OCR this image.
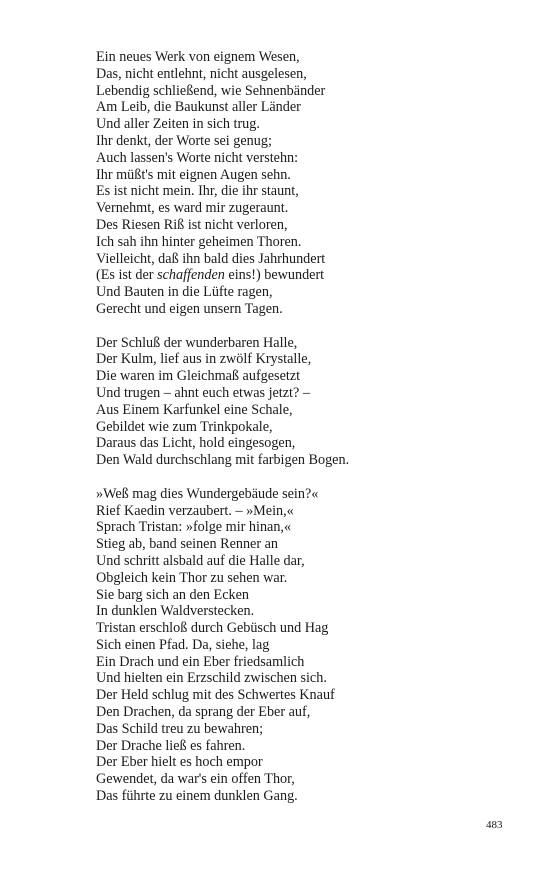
Ein neues Werk von eignem Wesen,
Das, nicht entlehnt, nicht ausgelesen,
Lebendig schließend, wie Sehnenbänder
Am Leib, die Baukunst aller Länder
Und aller Zeiten in sich trug.
Ihr denkt, der Worte sei genug;
Auch lassen's Worte nicht verstehn:
Ihr müßt's mit eignen Augen sehn.
Es ist nicht mein. Ihr, die ihr staunt,
Vernehmt, es ward mir zugeraunt.
Des Riesen Riß ist nicht verloren,
Ich sah ihn hinter geheimen Thoren.
Vielleicht, daß ihn bald dies Jahrhundert
(Es ist der schaffenden eins!) bewundert
Und Bauten in die Lüfte ragen,
Gerecht und eigen unsern Tagen.
Der Schluß der wunderbaren Halle,
Der Kulm, lief aus in zwölf Krystalle,
Die waren im Gleichmaß aufgesetzt
Und trugen – ahnt euch etwas jetzt? –
Aus Einem Karfunkel eine Schale,
Gebildet wie zum Trinkpokale,
Daraus das Licht, hold eingesogen,
Den Wald durchschlang mit farbigen Bogen.
»Weß mag dies Wundergebäude sein?«
Rief Kaedin verzaubert. – »Mein,«
Sprach Tristan: »folge mir hinan,«
Stieg ab, band seinen Renner an
Und schritt alsbald auf die Halle dar,
Obgleich kein Thor zu sehen war.
Sie barg sich an den Ecken
In dunklen Waldverstecken.
Tristan erschloß durch Gebüsch und Hag
Sich einen Pfad. Da, siehe, lag
Ein Drach und ein Eber friedsamlich
Und hielten ein Erzschild zwischen sich.
Der Held schlug mit des Schwertes Knauf
Den Drachen, da sprang der Eber auf,
Das Schild treu zu bewahren;
Der Drache ließ es fahren.
Der Eber hielt es hoch empor
Gewendet, da war's ein offen Thor,
Das führte zu einem dunklen Gang.
483
